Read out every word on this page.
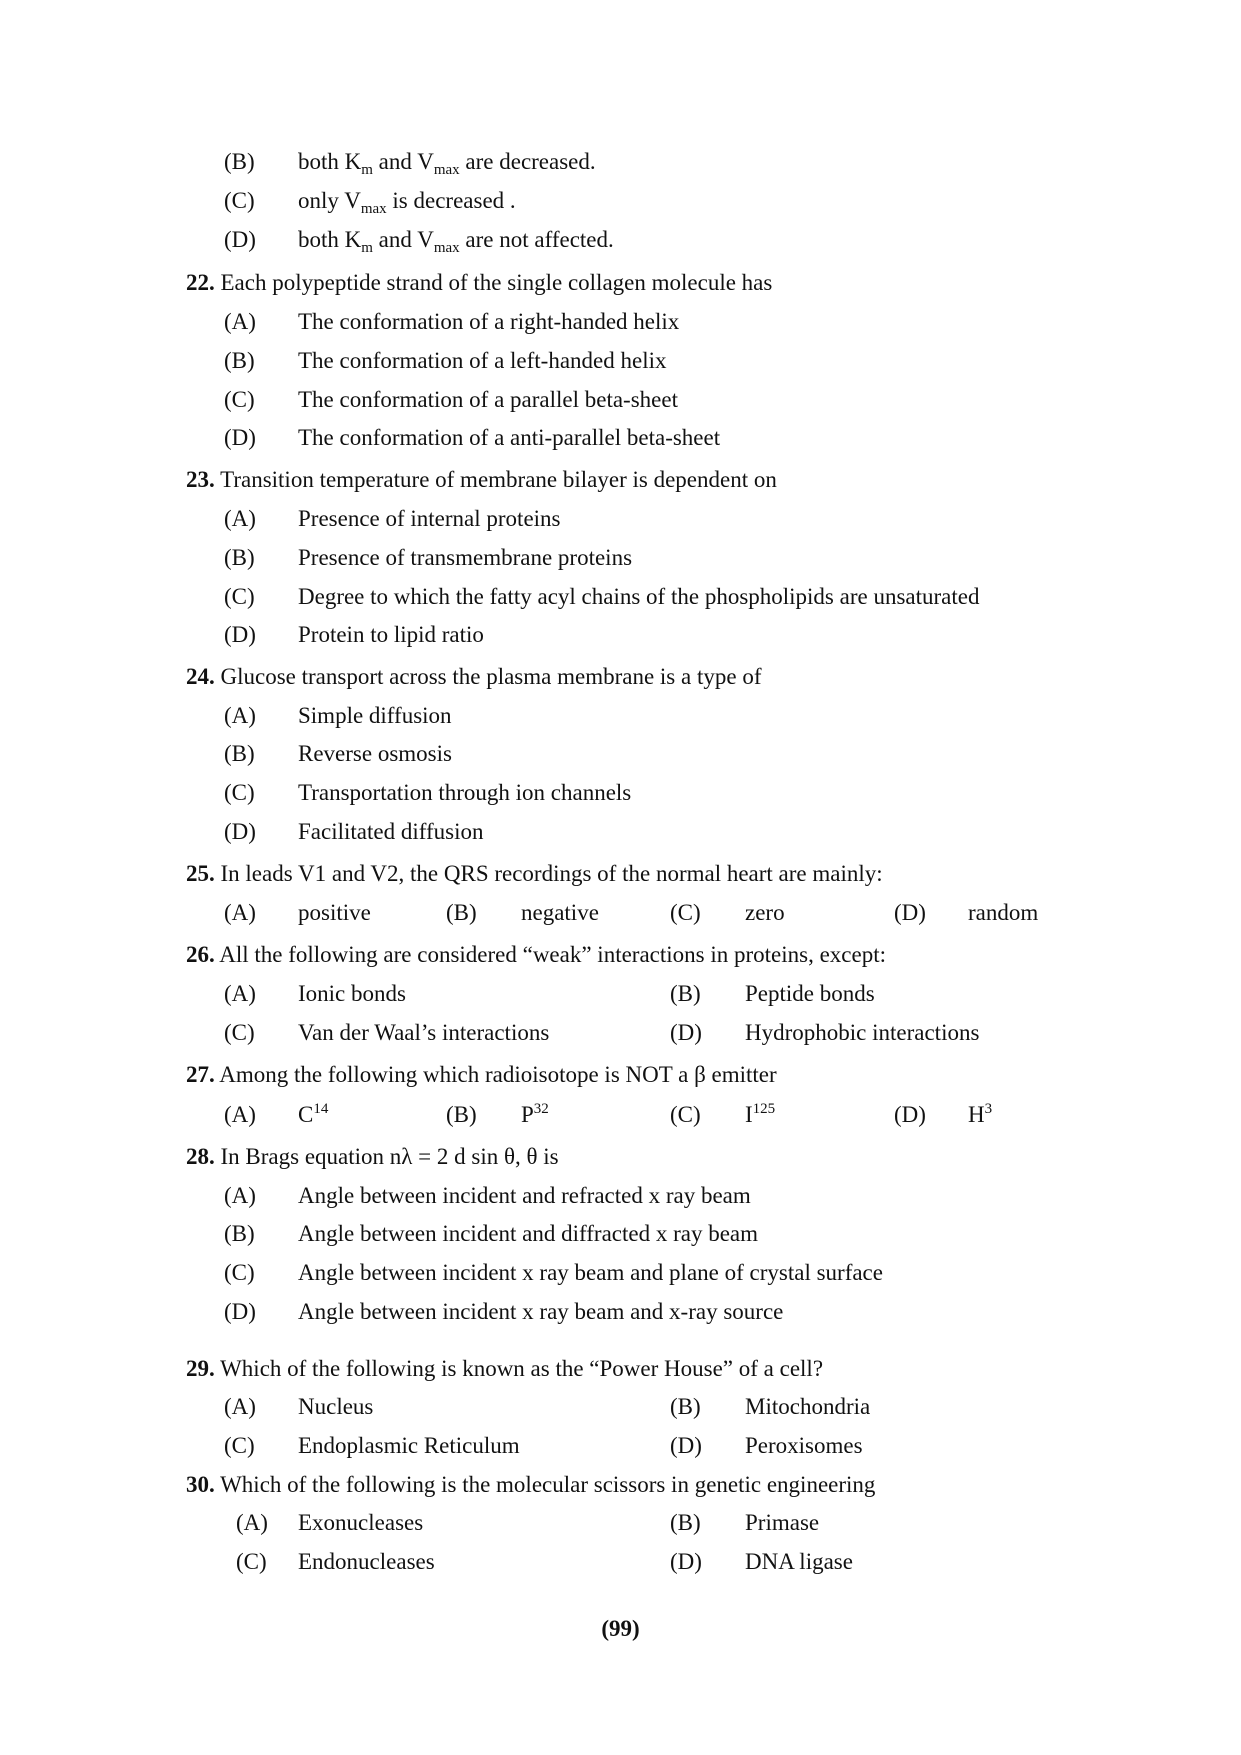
(B) both $K_m$ and $V_{max}$ are decreased.
(C) only $V_{max}$ is decreased .
(D) both $K_m$ and $V_{max}$ are not affected.
22. Each polypeptide strand of the single collagen molecule has
(A) The conformation of a right-handed helix
(B) The conformation of a left-handed helix
(C) The conformation of a parallel beta-sheet
(D) The conformation of a anti-parallel beta-sheet
23. Transition temperature of membrane bilayer is dependent on
(A) Presence of internal proteins
(B) Presence of transmembrane proteins
(C) Degree to which the fatty acyl chains of the phospholipids are unsaturated
(D) Protein to lipid ratio
24. Glucose transport across the plasma membrane is a type of
(A) Simple diffusion
(B) Reverse osmosis
(C) Transportation through ion channels
(D) Facilitated diffusion
25. In leads V1 and V2, the QRS recordings of the normal heart are mainly:
(A) positive	(B) negative	(C) zero	(D) random
26. All the following are considered “weak” interactions in proteins, except:
(A) Ionic bonds	(B) Peptide bonds
(C) Van der Waal’s interactions	(D) Hydrophobic interactions
27. Among the following which radioisotope is NOT a β emitter
(A) $C^{14}$	(B) $P^{32}$	(C) $I^{125}$	(D) $H^3$
28. In Brags equation nλ = 2 d sin θ, θ is
(A) Angle between incident and refracted x ray beam
(B) Angle between incident and diffracted x ray beam
(C) Angle between incident x ray beam and plane of crystal surface
(D) Angle between incident x ray beam and x-ray source
29. Which of the following is known as the “Power House” of a cell?
(A) Nucleus	(B) Mitochondria
(C) Endoplasmic Reticulum	(D) Peroxisomes
30. Which of the following is the molecular scissors in genetic engineering
(A) Exonucleases	(B) Primase
(C) Endonucleases	(D) DNA ligase
(99)
